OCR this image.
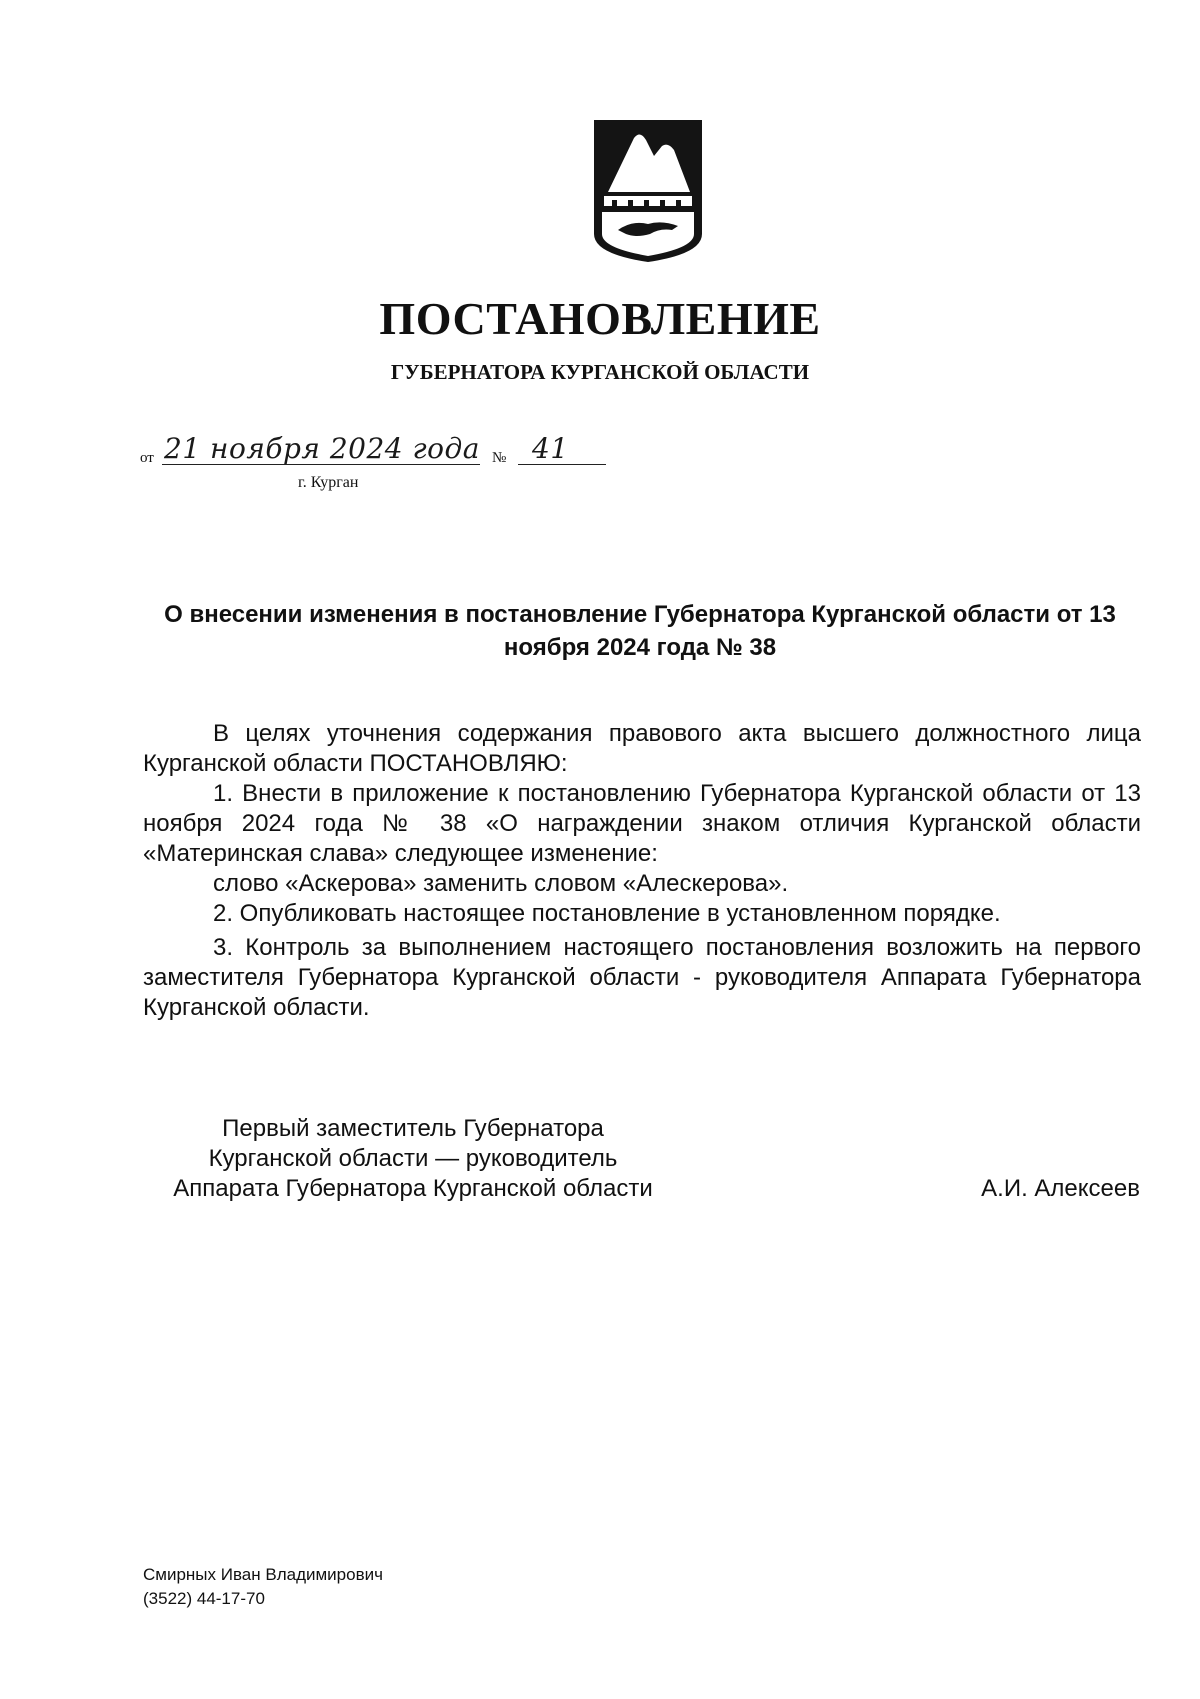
ПОСТАНОВЛЕНИЕ
ГУБЕРНАТОРА КУРГАНСКОЙ ОБЛАСТИ
от 21 ноября 2024 года № 41
г. Курган
О внесении изменения в постановление Губернатора Курганской области от 13 ноября 2024 года № 38

В целях уточнения содержания правового акта высшего должностного лица Курганской области ПОСТАНОВЛЯЮ:

1. Внести в приложение к постановлению Губернатора Курганской области от 13 ноября 2024 года № 38 «О награждении знаком отличия Курганской области «Материнская слава» следующее изменение:

слово «Аскерова» заменить словом «Алескерова».

2. Опубликовать настоящее постановление в установленном порядке.

3. Контроль за выполнением настоящего постановления возложить на первого заместителя Губернатора Курганской области - руководителя Аппарата Губернатора Курганской области.

Первый заместитель Губернатора
Курганской области — руководитель
Аппарата Губернатора Курганской области	А.И. Алексеев
Смирных Иван Владимирович
(3522) 44-17-70
